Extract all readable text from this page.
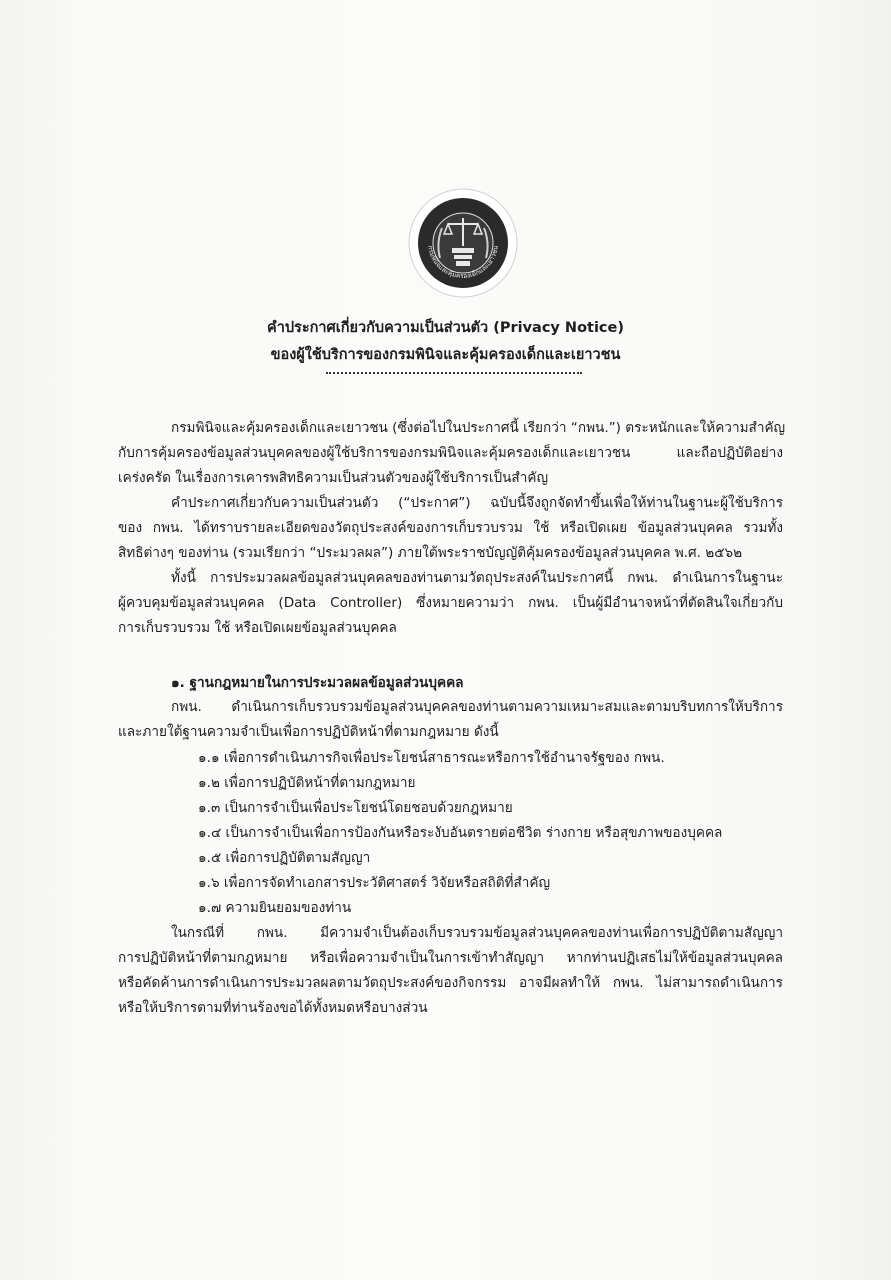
กรมพินิจและคุ้มครองเด็กและเยาวชน
คำประกาศเกี่ยวกับความเป็นส่วนตัว (Privacy Notice)
ของผู้ใช้บริการของกรมพินิจและคุ้มครองเด็กและเยาวชน
กรมพินิจและคุ้มครองเด็กและเยาวชน (ซึ่งต่อไปในประกาศนี้ เรียกว่า “กพน.”) ตระหนักและให้ความสำคัญ
กับการคุ้มครองข้อมูลส่วนบุคคลของผู้ใช้บริการของกรมพินิจและคุ้มครองเด็กและเยาวชน และถือปฏิบัติอย่าง
เคร่งครัด ในเรื่องการเคารพสิทธิความเป็นส่วนตัวของผู้ใช้บริการเป็นสำคัญ
คำประกาศเกี่ยวกับความเป็นส่วนตัว (“ประกาศ”) ฉบับนี้จึงถูกจัดทำขึ้นเพื่อให้ท่านในฐานะผู้ใช้บริการ
ของ กพน. ได้ทราบรายละเอียดของวัตถุประสงค์ของการเก็บรวบรวม ใช้ หรือเปิดเผย ข้อมูลส่วนบุคคล รวมทั้ง
สิทธิต่างๆ ของท่าน (รวมเรียกว่า “ประมวลผล”) ภายใต้พระราชบัญญัติคุ้มครองข้อมูลส่วนบุคคล พ.ศ. ๒๕๖๒
ทั้งนี้ การประมวลผลข้อมูลส่วนบุคคลของท่านตามวัตถุประสงค์ในประกาศนี้ กพน. ดำเนินการในฐานะ
ผู้ควบคุมข้อมูลส่วนบุคคล (Data Controller) ซึ่งหมายความว่า กพน. เป็นผู้มีอำนาจหน้าที่ตัดสินใจเกี่ยวกับ
การเก็บรวบรวม ใช้ หรือเปิดเผยข้อมูลส่วนบุคคล
๑. ฐานกฎหมายในการประมวลผลข้อมูลส่วนบุคคล
กพน. ดำเนินการเก็บรวบรวมข้อมูลส่วนบุคคลของท่านตามความเหมาะสมและตามบริบทการให้บริการ
และภายใต้ฐานความจำเป็นเพื่อการปฏิบัติหน้าที่ตามกฎหมาย ดังนี้
๑.๑ เพื่อการดำเนินภารกิจเพื่อประโยชน์สาธารณะหรือการใช้อำนาจรัฐของ กพน.
๑.๒ เพื่อการปฏิบัติหน้าที่ตามกฎหมาย
๑.๓ เป็นการจำเป็นเพื่อประโยชน์โดยชอบด้วยกฎหมาย
๑.๔ เป็นการจำเป็นเพื่อการป้องกันหรือระงับอันตรายต่อชีวิต ร่างกาย หรือสุขภาพของบุคคล
๑.๕ เพื่อการปฏิบัติตามสัญญา
๑.๖ เพื่อการจัดทำเอกสารประวัติศาสตร์ วิจัยหรือสถิติที่สำคัญ
๑.๗ ความยินยอมของท่าน
ในกรณีที่ กพน. มีความจำเป็นต้องเก็บรวบรวมข้อมูลส่วนบุคคลของท่านเพื่อการปฏิบัติตามสัญญา
การปฏิบัติหน้าที่ตามกฎหมาย หรือเพื่อความจำเป็นในการเข้าทำสัญญา หากท่านปฏิเสธไม่ให้ข้อมูลส่วนบุคคล
หรือคัดค้านการดำเนินการประมวลผลตามวัตถุประสงค์ของกิจกรรม อาจมีผลทำให้ กพน. ไม่สามารถดำเนินการ
หรือให้บริการตามที่ท่านร้องขอได้ทั้งหมดหรือบางส่วน
